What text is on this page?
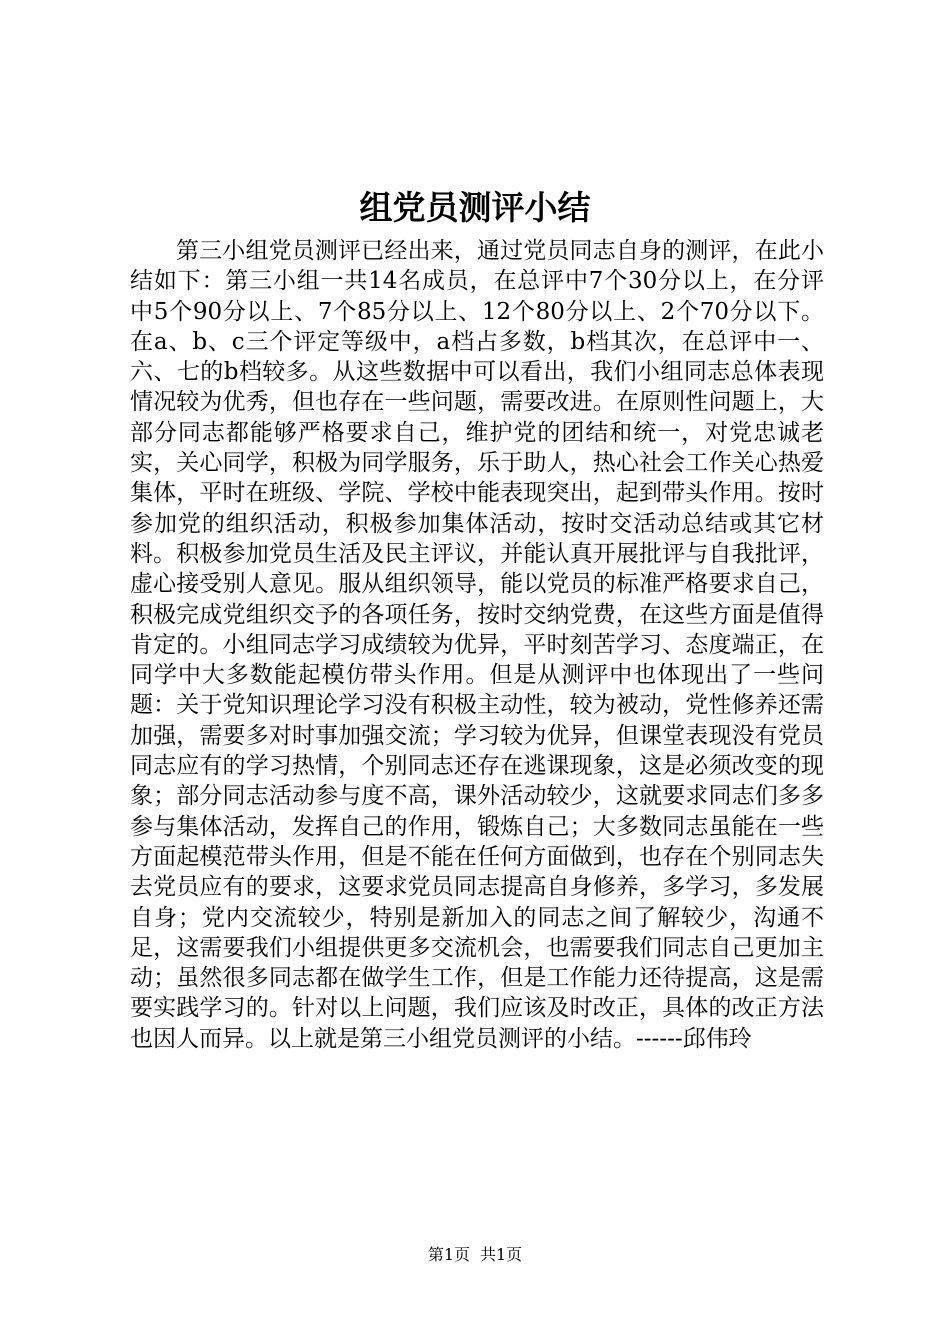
组党员测评小结

第三小组党员测评已经出来，通过党员同志自身的测评，在此小结如下：第三小组一共14名成员，在总评中7个30分以上，在分评中5个90分以上、7个85分以上、12个80分以上、2个70分以下。在a、b、c三个评定等级中，a档占多数，b档其次，在总评中一、六、七的b档较多。从这些数据中可以看出，我们小组同志总体表现情况较为优秀，但也存在一些问题，需要改进。在原则性问题上，大部分同志都能够严格要求自己，维护党的团结和统一，对党忠诚老实，关心同学，积极为同学服务，乐于助人，热心社会工作关心热爱集体，平时在班级、学院、学校中能表现突出，起到带头作用。按时参加党的组织活动，积极参加集体活动，按时交活动总结或其它材料。积极参加党员生活及民主评议，并能认真开展批评与自我批评，虚心接受别人意见。服从组织领导，能以党员的标准严格要求自己，积极完成党组织交予的各项任务，按时交纳党费，在这些方面是值得肯定的。小组同志学习成绩较为优异，平时刻苦学习、态度端正，在同学中大多数能起模仿带头作用。但是从测评中也体现出了一些问题：关于党知识理论学习没有积极主动性，较为被动，党性修养还需加强，需要多对时事加强交流；学习较为优异，但课堂表现没有党员同志应有的学习热情，个别同志还存在逃课现象，这是必须改变的现象；部分同志活动参与度不高，课外活动较少，这就要求同志们多多参与集体活动，发挥自己的作用，锻炼自己；大多数同志虽能在一些方面起模范带头作用，但是不能在任何方面做到，也存在个别同志失去党员应有的要求，这要求党员同志提高自身修养，多学习，多发展自身；党内交流较少，特别是新加入的同志之间了解较少，沟通不足，这需要我们小组提供更多交流机会，也需要我们同志自己更加主动；虽然很多同志都在做学生工作，但是工作能力还待提高，这是需要实践学习的。针对以上问题，我们应该及时改正，具体的改正方法也因人而异。以上就是第三小组党员测评的小结。------邱伟玲

第1页 共1页
